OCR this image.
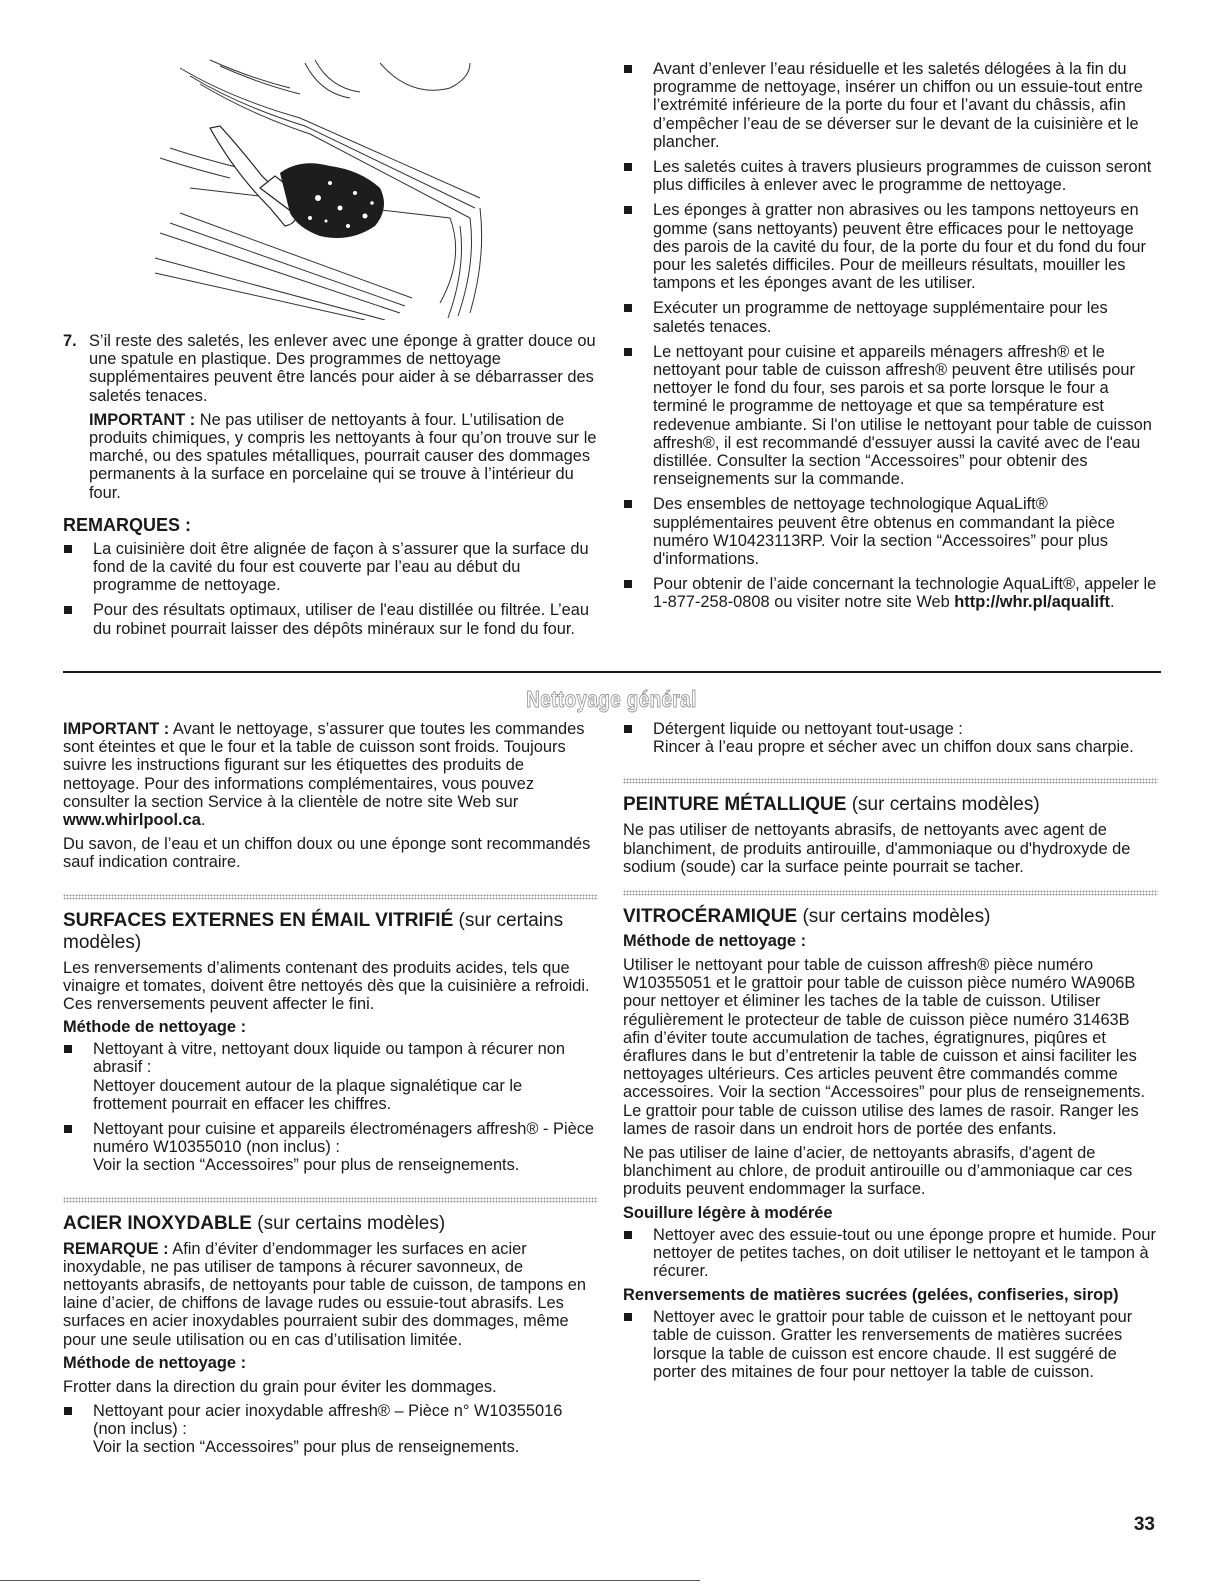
7. S’il reste des saletés, les enlever avec une éponge à gratter douce ou une spatule en plastique. Des programmes de nettoyage supplémentaires peuvent être lancés pour aider à se débarrasser des saletés tenaces.

IMPORTANT : Ne pas utiliser de nettoyants à four. L’utilisation de produits chimiques, y compris les nettoyants à four qu’on trouve sur le marché, ou des spatules métalliques, pourrait causer des dommages permanents à la surface en porcelaine qui se trouve à l’intérieur du four.

REMARQUES :
La cuisinière doit être alignée de façon à s’assurer que la surface du fond de la cavité du four est couverte par l’eau au début du programme de nettoyage.
Pour des résultats optimaux, utiliser de l'eau distillée ou filtrée. L’eau du robinet pourrait laisser des dépôts minéraux sur le fond du four.
Avant d’enlever l’eau résiduelle et les saletés délogées à la fin du programme de nettoyage, insérer un chiffon ou un essuie-tout entre l’extrémité inférieure de la porte du four et l’avant du châssis, afin d’empêcher l’eau de se déverser sur le devant de la cuisinière et le plancher.
Les saletés cuites à travers plusieurs programmes de cuisson seront plus difficiles à enlever avec le programme de nettoyage.
Les éponges à gratter non abrasives ou les tampons nettoyeurs en gomme (sans nettoyants) peuvent être efficaces pour le nettoyage des parois de la cavité du four, de la porte du four et du fond du four pour les saletés difficiles. Pour de meilleurs résultats, mouiller les tampons et les éponges avant de les utiliser.
Exécuter un programme de nettoyage supplémentaire pour les saletés tenaces.
Le nettoyant pour cuisine et appareils ménagers affresh® et le nettoyant pour table de cuisson affresh® peuvent être utilisés pour nettoyer le fond du four, ses parois et sa porte lorsque le four a terminé le programme de nettoyage et que sa température est redevenue ambiante. Si l'on utilise le nettoyant pour table de cuisson affresh®, il est recommandé d'essuyer aussi la cavité avec de l'eau distillée. Consulter la section “Accessoires” pour obtenir des renseignements sur la commande.
Des ensembles de nettoyage technologique AquaLift® supplémentaires peuvent être obtenus en commandant la pièce numéro W10423113RP. Voir la section “Accessoires” pour plus d'informations.
Pour obtenir de l’aide concernant la technologie AquaLift®, appeler le 1-877-258-0808 ou visiter notre site Web http://whr.pl/aqualift.
Nettoyage général

IMPORTANT : Avant le nettoyage, s’assurer que toutes les commandes sont éteintes et que le four et la table de cuisson sont froids. Toujours suivre les instructions figurant sur les étiquettes des produits de nettoyage. Pour des informations complémentaires, vous pouvez consulter la section Service à la clientèle de notre site Web sur www.whirlpool.ca.

Du savon, de l’eau et un chiffon doux ou une éponge sont recommandés sauf indication contraire.

SURFACES EXTERNES EN ÉMAIL VITRIFIÉ (sur certains modèles)

Les renversements d’aliments contenant des produits acides, tels que vinaigre et tomates, doivent être nettoyés dès que la cuisinière a refroidi. Ces renversements peuvent affecter le fini.

Méthode de nettoyage :
Nettoyant à vitre, nettoyant doux liquide ou tampon à récurer non abrasif :
Nettoyer doucement autour de la plaque signalétique car le frottement pourrait en effacer les chiffres.
Nettoyant pour cuisine et appareils électroménagers affresh® - Pièce numéro W10355010 (non inclus) :
Voir la section “Accessoires” pour plus de renseignements.
ACIER INOXYDABLE (sur certains modèles)

REMARQUE : Afin d’éviter d’endommager les surfaces en acier inoxydable, ne pas utiliser de tampons à récurer savonneux, de nettoyants abrasifs, de nettoyants pour table de cuisson, de tampons en laine d’acier, de chiffons de lavage rudes ou essuie-tout abrasifs. Les surfaces en acier inoxydables pourraient subir des dommages, même pour une seule utilisation ou en cas d’utilisation limitée.

Méthode de nettoyage :

Frotter dans la direction du grain pour éviter les dommages.

Nettoyant pour acier inoxydable affresh® – Pièce n° W10355016 (non inclus) :
Voir la section “Accessoires” pour plus de renseignements.
Détergent liquide ou nettoyant tout-usage :
Rincer à l’eau propre et sécher avec un chiffon doux sans charpie.
PEINTURE MÉTALLIQUE (sur certains modèles)

Ne pas utiliser de nettoyants abrasifs, de nettoyants avec agent de blanchiment, de produits antirouille, d'ammoniaque ou d'hydroxyde de sodium (soude) car la surface peinte pourrait se tacher.

VITROCÉRAMIQUE (sur certains modèles)
Méthode de nettoyage :

Utiliser le nettoyant pour table de cuisson affresh® pièce numéro W10355051 et le grattoir pour table de cuisson pièce numéro WA906B pour nettoyer et éliminer les taches de la table de cuisson. Utiliser régulièrement le protecteur de table de cuisson pièce numéro 31463B afin d’éviter toute accumulation de taches, égratignures, piqûres et éraflures dans le but d’entretenir la table de cuisson et ainsi faciliter les nettoyages ultérieurs. Ces articles peuvent être commandés comme accessoires. Voir la section “Accessoires” pour plus de renseignements. Le grattoir pour table de cuisson utilise des lames de rasoir. Ranger les lames de rasoir dans un endroit hors de portée des enfants.

Ne pas utiliser de laine d’acier, de nettoyants abrasifs, d'agent de blanchiment au chlore, de produit antirouille ou d’ammoniaque car ces produits peuvent endommager la surface.

Souillure légère à modérée
Nettoyer avec des essuie-tout ou une éponge propre et humide. Pour nettoyer de petites taches, on doit utiliser le nettoyant et le tampon à récurer.
Renversements de matières sucrées (gelées, confiseries, sirop)
Nettoyer avec le grattoir pour table de cuisson et le nettoyant pour table de cuisson. Gratter les renversements de matières sucrées lorsque la table de cuisson est encore chaude. Il est suggéré de porter des mitaines de four pour nettoyer la table de cuisson.
33
